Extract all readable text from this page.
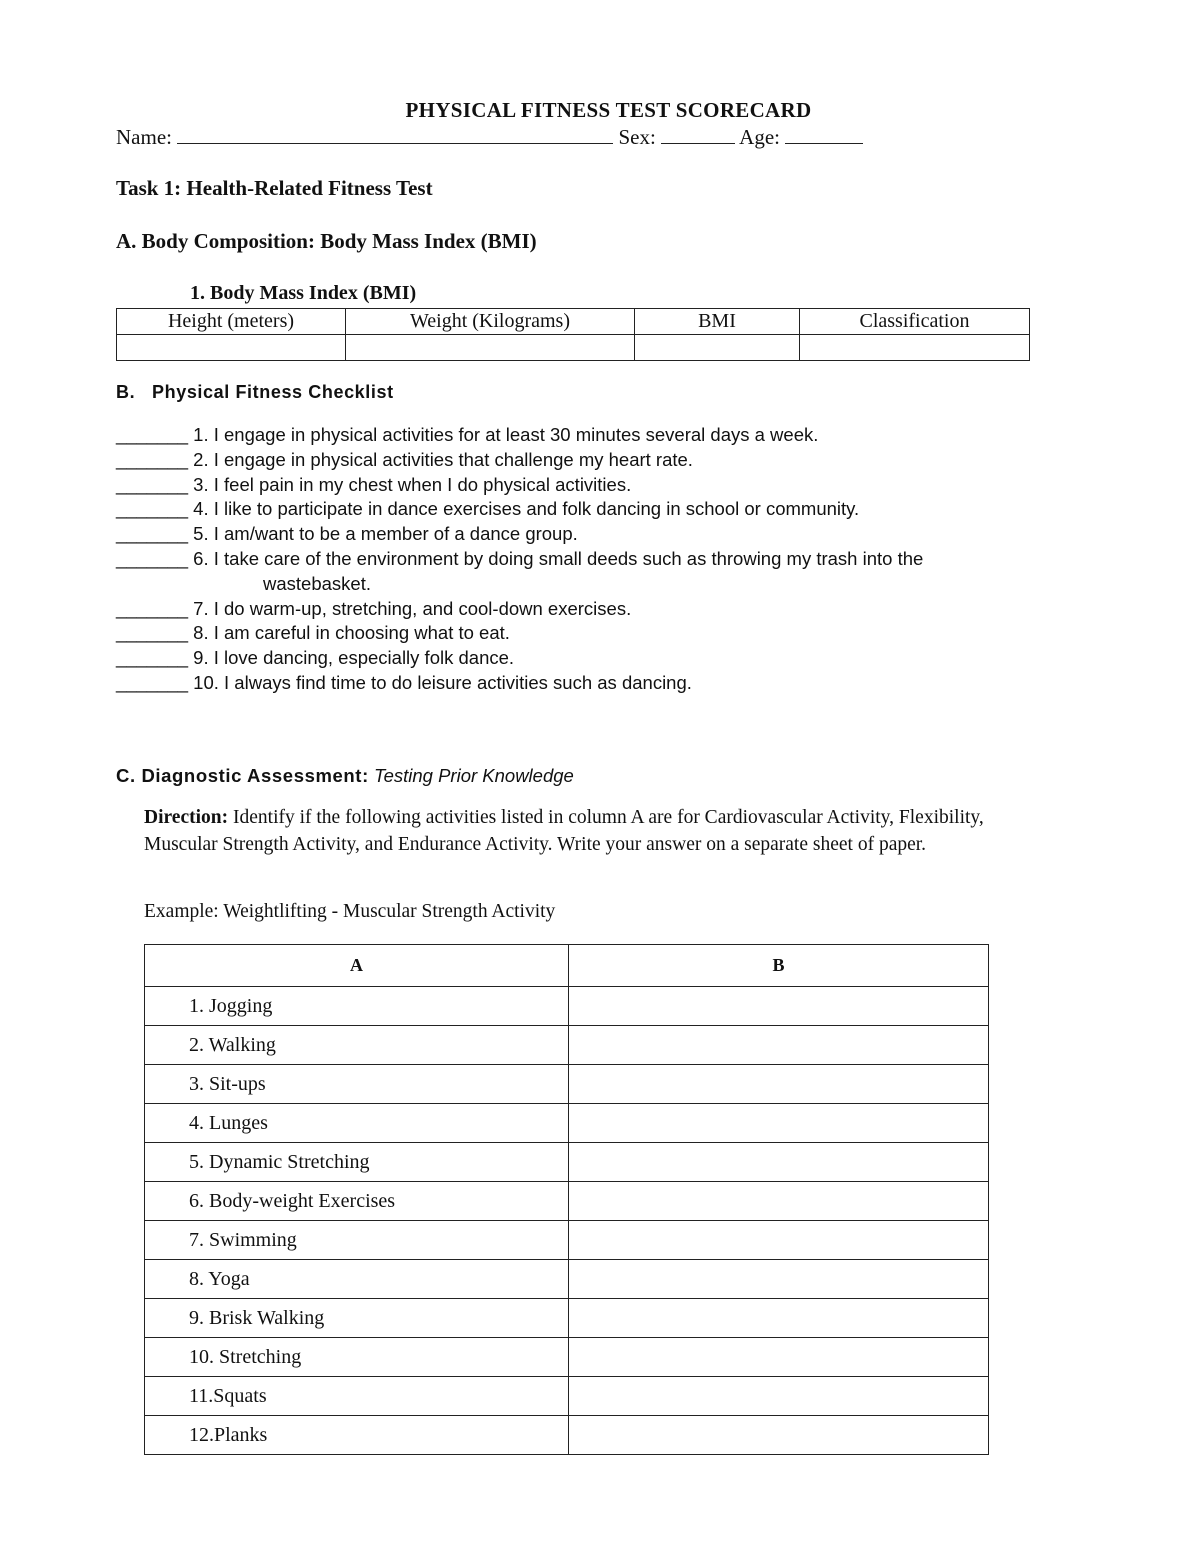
PHYSICAL FITNESS TEST SCORECARD
Name:	Sex:	Age:
Task 1: Health-Related Fitness Test
A. Body Composition: Body Mass Index (BMI)
1. Body Mass Index (BMI)
Height (meters)	Weight (Kilograms)	BMI	Classification

B.   Physical Fitness Checklist
_______ 1. I engage in physical activities for at least 30 minutes several days a week.
_______ 2. I engage in physical activities that challenge my heart rate.
_______ 3. I feel pain in my chest when I do physical activities.
_______ 4. I like to participate in dance exercises and folk dancing in school or community.
_______ 5. I am/want to be a member of a dance group.
_______ 6. I take care of the environment by doing small deeds such as throwing my trash into the
wastebasket.
_______ 7. I do warm-up, stretching, and cool-down exercises.
_______ 8. I am careful in choosing what to eat.
_______ 9. I love dancing, especially folk dance.
_______ 10. I always find time to do leisure activities such as dancing.
C. Diagnostic Assessment: Testing Prior Knowledge
Direction: Identify if the following activities listed in column A are for Cardiovascular Activity, Flexibility, Muscular Strength Activity, and Endurance Activity. Write your answer on a separate sheet of paper.
Example: Weightlifting - Muscular Strength Activity
A	B
1. Jogging	
2. Walking	
3. Sit-ups	
4. Lunges	
5. Dynamic Stretching	
6. Body-weight Exercises	
7. Swimming	
8. Yoga	
9. Brisk Walking	
10. Stretching	
11.Squats	
12.Planks	
